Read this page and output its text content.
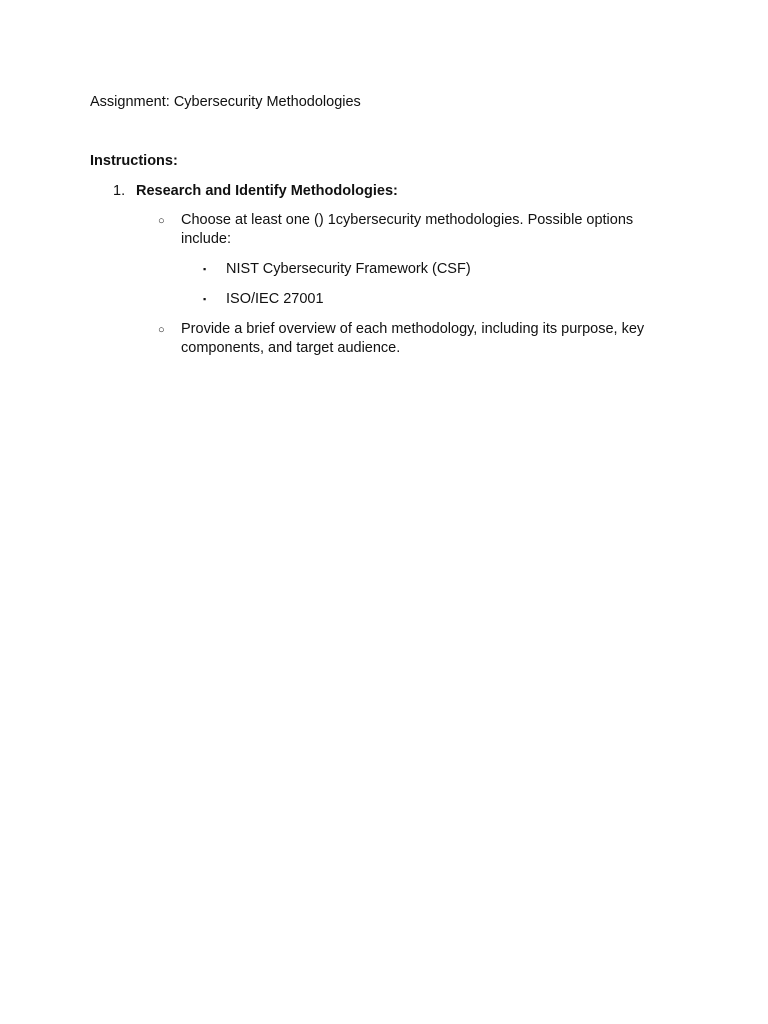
Assignment: Cybersecurity Methodologies

Instructions:

1. Research and Identify Methodologies:
○ Choose at least one () 1cybersecurity methodologies. Possible options include:
▪ NIST Cybersecurity Framework (CSF)
▪ ISO/IEC 27001
○ Provide a brief overview of each methodology, including its purpose, key components, and target audience.
